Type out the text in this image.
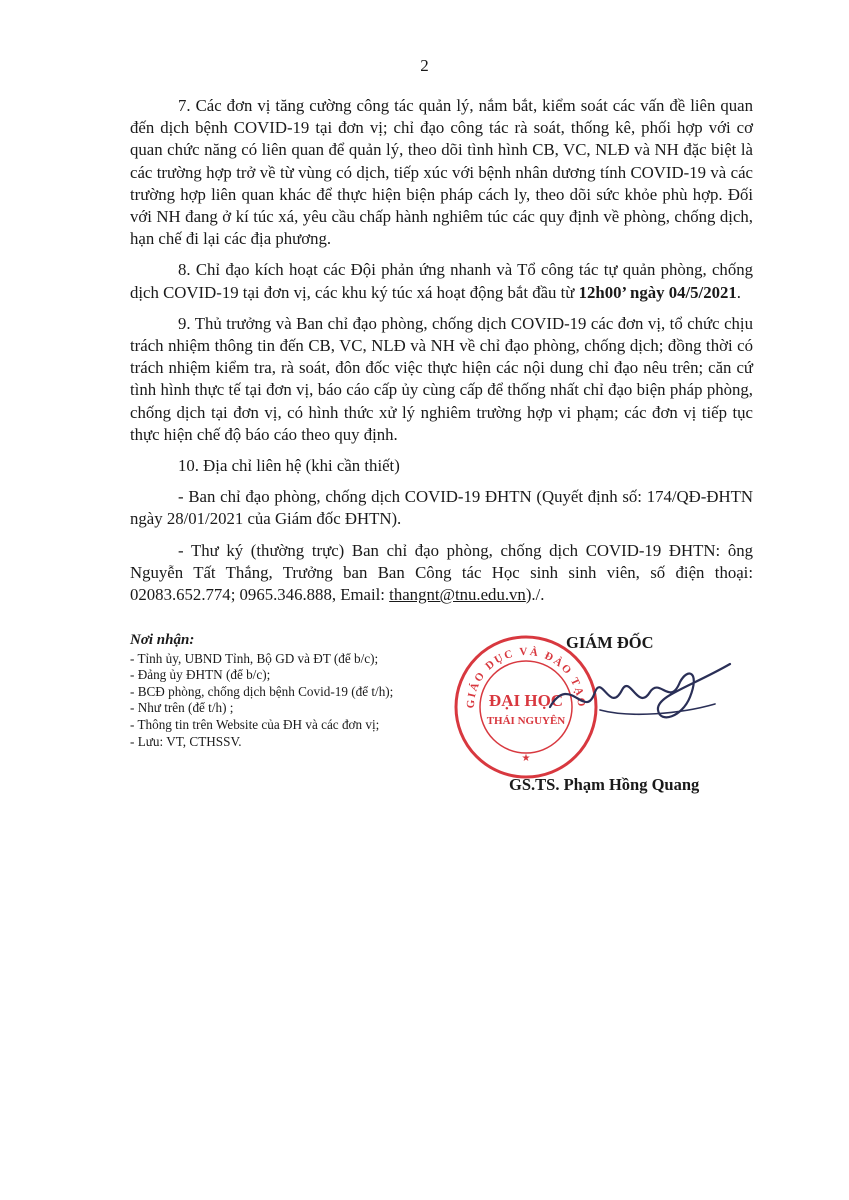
2

7. Các đơn vị tăng cường công tác quản lý, nắm bắt, kiểm soát các vấn đề liên quan đến dịch bệnh COVID-19 tại đơn vị; chỉ đạo công tác rà soát, thống kê, phối hợp với cơ quan chức năng có liên quan để quản lý, theo dõi tình hình CB, VC, NLĐ và NH đặc biệt là các trường hợp trở về từ vùng có dịch, tiếp xúc với bệnh nhân dương tính COVID-19 và các trường hợp liên quan khác để thực hiện biện pháp cách ly, theo dõi sức khỏe phù hợp. Đối với NH đang ở kí túc xá, yêu cầu chấp hành nghiêm túc các quy định về phòng, chống dịch, hạn chế đi lại các địa phương.

8. Chỉ đạo kích hoạt các Đội phản ứng nhanh và Tổ công tác tự quản phòng, chống dịch COVID-19 tại đơn vị, các khu ký túc xá hoạt động bắt đầu từ 12h00’ ngày 04/5/2021.

9. Thủ trưởng và Ban chỉ đạo phòng, chống dịch COVID-19 các đơn vị, tổ chức chịu trách nhiệm thông tin đến CB, VC, NLĐ và NH về chỉ đạo phòng, chống dịch; đồng thời có trách nhiệm kiểm tra, rà soát, đôn đốc việc thực hiện các nội dung chỉ đạo nêu trên; căn cứ tình hình thực tế tại đơn vị, báo cáo cấp ủy cùng cấp để thống nhất chỉ đạo biện pháp phòng, chống dịch tại đơn vị, có hình thức xử lý nghiêm trường hợp vi phạm; các đơn vị tiếp tục thực hiện chế độ báo cáo theo quy định.

10. Địa chỉ liên hệ (khi cần thiết)

- Ban chỉ đạo phòng, chống dịch COVID-19 ĐHTN (Quyết định số: 174/QĐ-ĐHTN ngày 28/01/2021 của Giám đốc ĐHTN).

- Thư ký (thường trực) Ban chỉ đạo phòng, chống dịch COVID-19 ĐHTN: ông Nguyễn Tất Thắng, Trưởng ban Ban Công tác Học sinh sinh viên, số điện thoại: 02083.652.774; 0965.346.888, Email: thangnt@tnu.edu.vn)./.

Nơi nhận:
- Tỉnh ủy, UBND Tỉnh, Bộ GD và ĐT (để b/c);
- Đảng ủy ĐHTN (để b/c);
- BCĐ phòng, chống dịch bệnh Covid-19 (để t/h);
- Như trên (để t/h) ;
- Thông tin trên Website của ĐH và các đơn vị;
- Lưu: VT, CTHSSV.
GIÁM ĐỐC
GIÁO DỤC VÀ ĐÀO TẠO
ĐẠI HỌC
THÁI NGUYÊN
★
GS.TS. Phạm Hồng Quang
